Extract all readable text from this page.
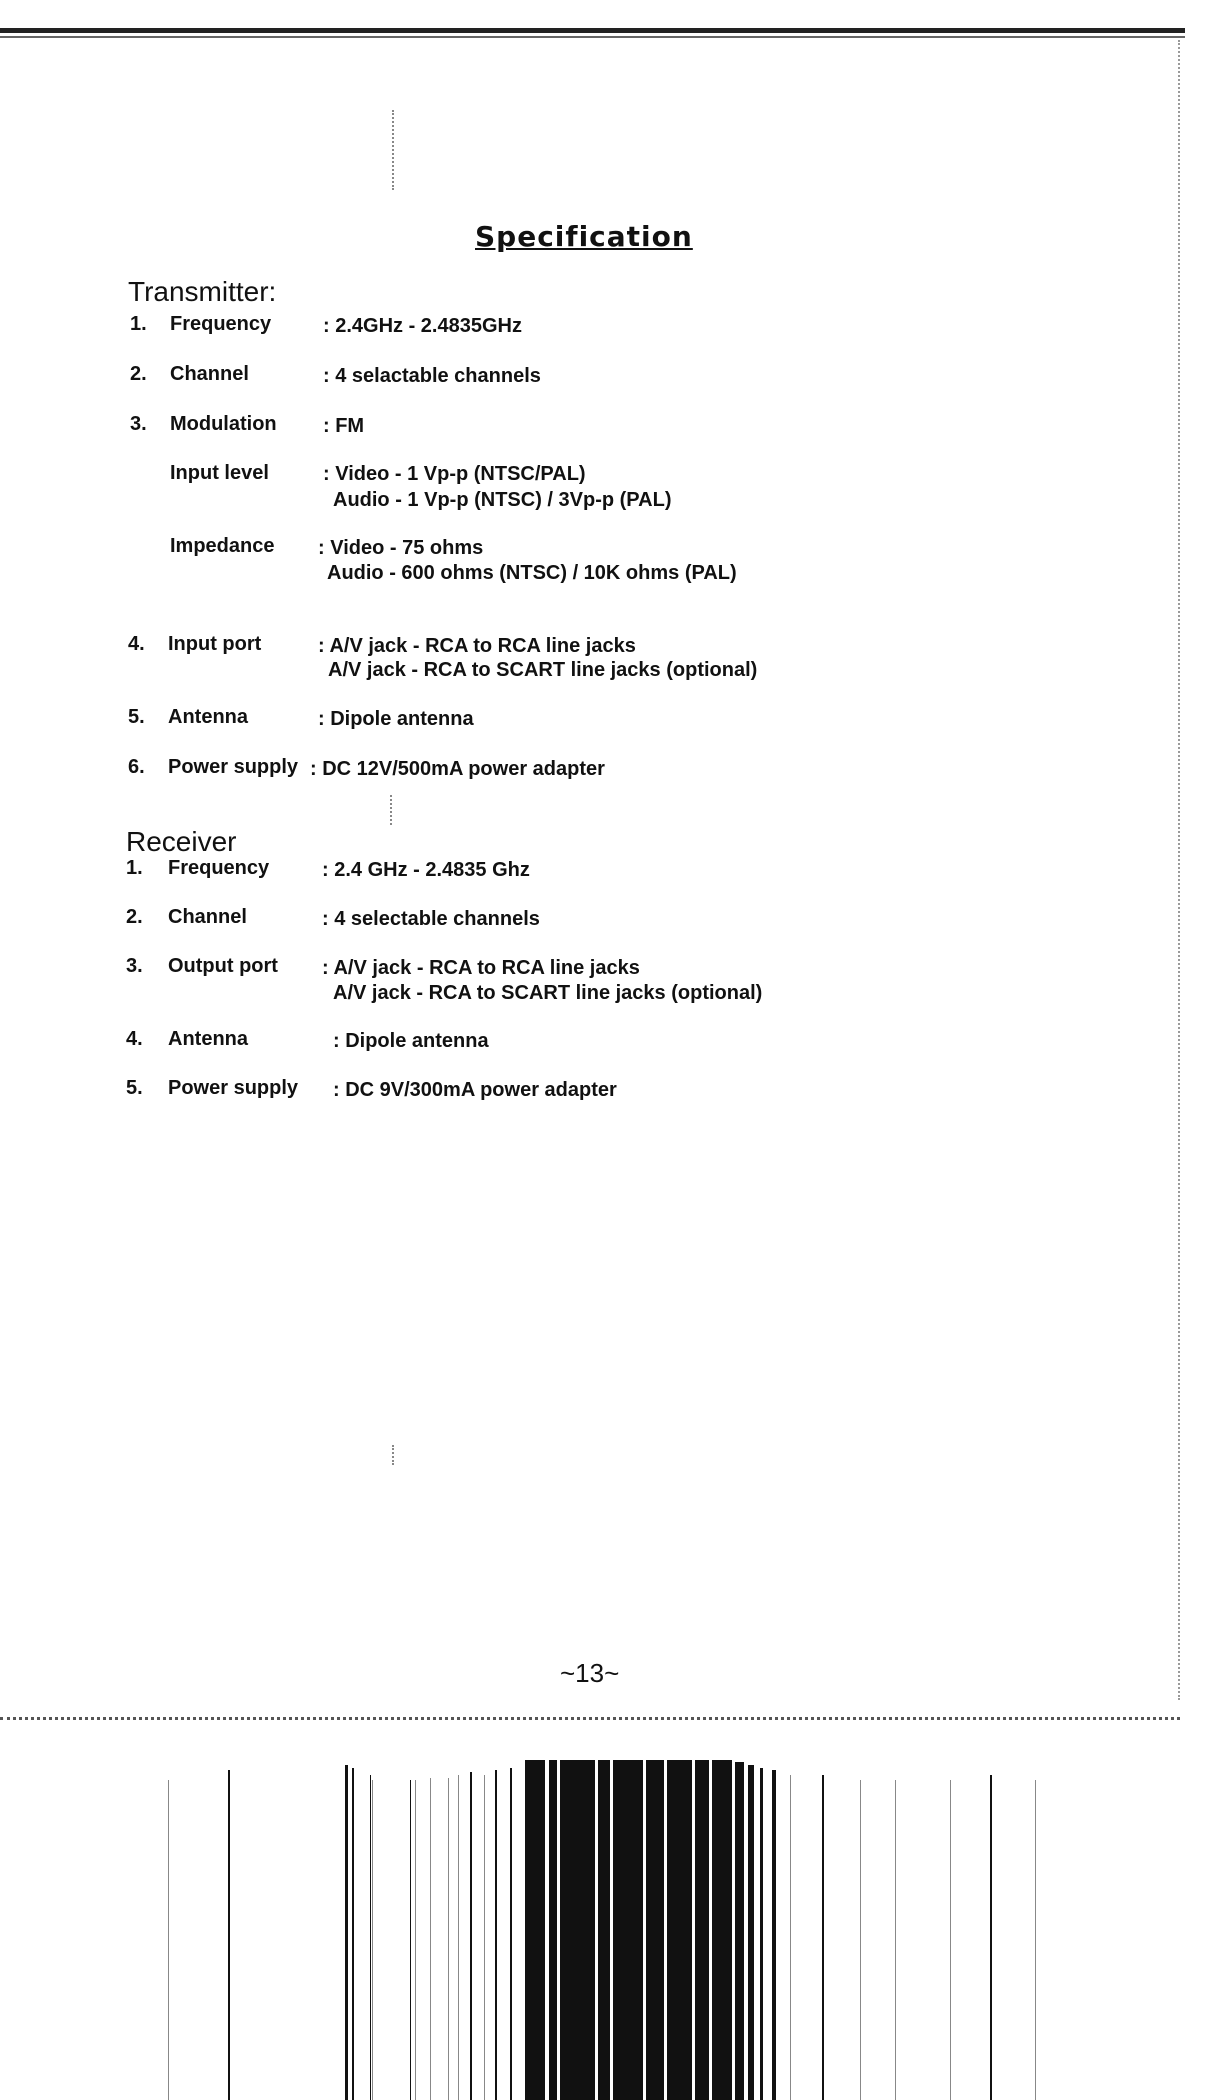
Specification
Transmitter:
1. Frequency	: 2.4GHz - 2.4835GHz
2. Channel	: 4 selactable channels
3. Modulation : FM
Input level	: Video - 1 Vp-p (NTSC/PAL)
Audio - 1 Vp-p (NTSC) / 3Vp-p (PAL)
Impedance : Video - 75 ohms
Audio - 600 ohms (NTSC) / 10K ohms (PAL)
4. Input port	: A/V jack - RCA to RCA line jacks
A/V jack - RCA to SCART line jacks (optional)
5. Antenna	: Dipole antenna
6. Power supply : DC 12V/500mA power adapter
Receiver
1. Frequency	: 2.4 GHz - 2.4835 Ghz
2. Channel	: 4 selectable channels
3. Output port : A/V jack - RCA to RCA line jacks
A/V jack - RCA to SCART line jacks (optional)
4. Antenna	: Dipole antenna
5. Power supply : DC 9V/300mA power adapter
~13~
